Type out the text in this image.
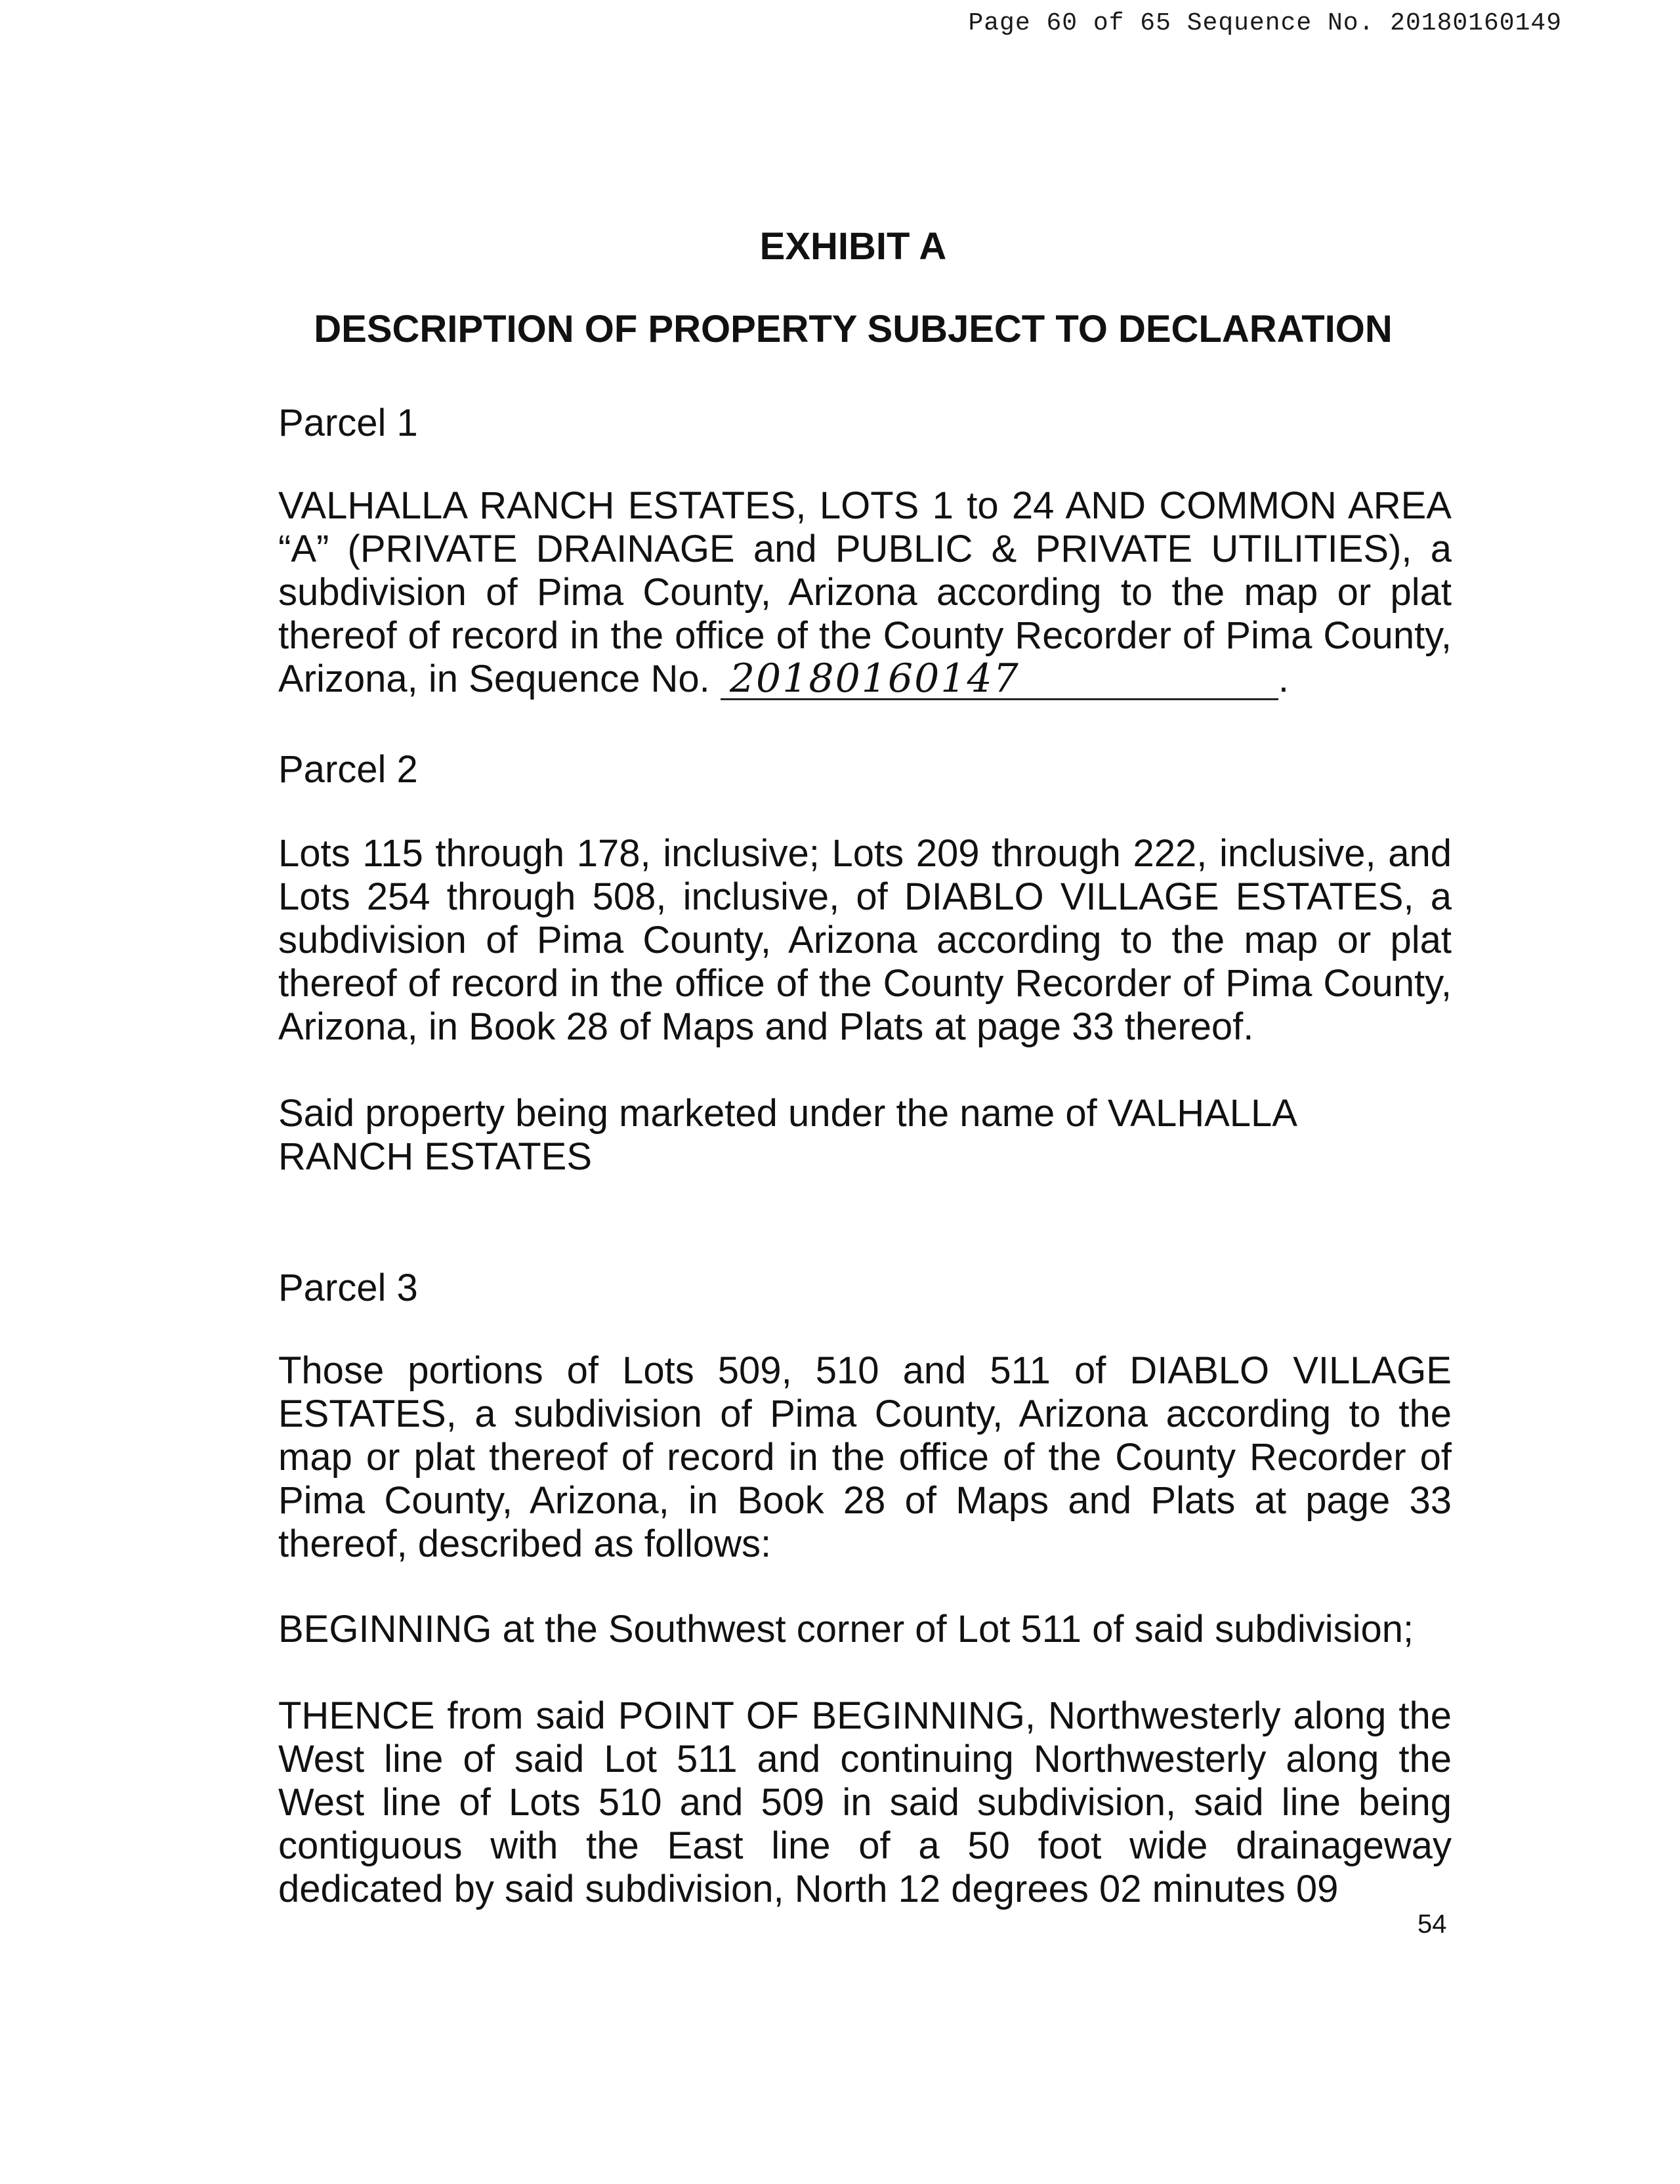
Page 60 of 65 Sequence No. 20180160149
EXHIBIT A
DESCRIPTION OF PROPERTY SUBJECT TO DECLARATION
Parcel 1
VALHALLA RANCH ESTATES, LOTS 1 to 24 AND COMMON AREA “A” (PRIVATE DRAINAGE and PUBLIC & PRIVATE UTILITIES), a subdivision of Pima County, Arizona according to the map or plat thereof of record in the office of the County Recorder of Pima County, Arizona, in Sequence No. 20180160147	.
Parcel 2
Lots 115 through 178, inclusive; Lots 209 through 222, inclusive, and Lots 254 through 508, inclusive, of DIABLO VILLAGE ESTATES, a subdivision of Pima County, Arizona according to the map or plat thereof of record in the office of the County Recorder of Pima County, Arizona, in Book 28 of Maps and Plats at page 33 thereof.
Said property being marketed under the name of VALHALLA RANCH ESTATES
Parcel 3
Those portions of Lots 509, 510 and 511 of DIABLO VILLAGE ESTATES, a subdivision of Pima County, Arizona according to the map or plat thereof of record in the office of the County Recorder of Pima County, Arizona, in Book 28 of Maps and Plats at page 33 thereof, described as follows:
BEGINNING at the Southwest corner of Lot 511 of said subdivision;
THENCE from said POINT OF BEGINNING, Northwesterly along the West line of said Lot 511 and continuing Northwesterly along the West line of Lots 510 and 509 in said subdivision, said line being contiguous with the East line of a 50 foot wide drainageway dedicated by said subdivision, North 12 degrees 02 minutes 09
54
